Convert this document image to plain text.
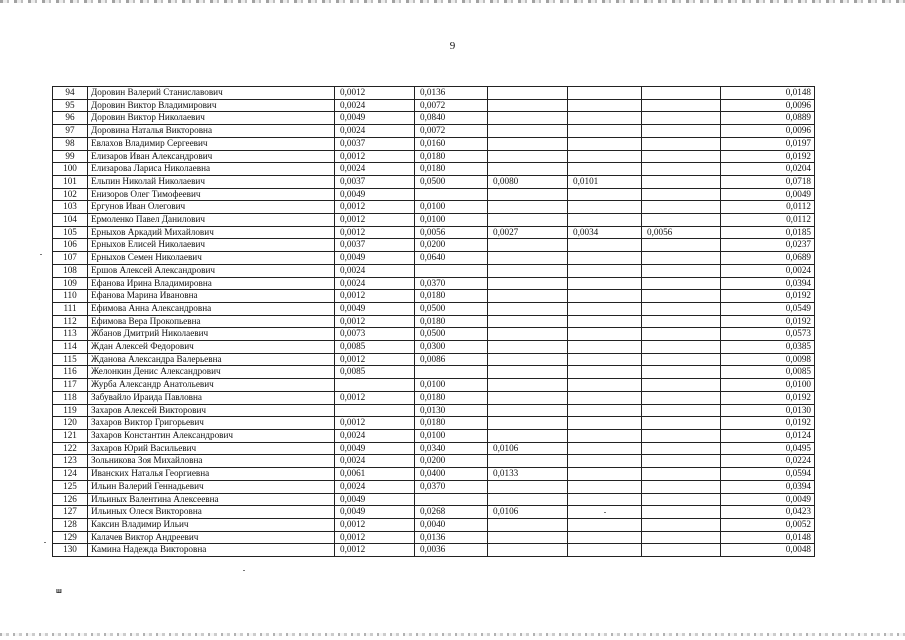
9
94	Доровин Валерий Станиславович	0,0012	0,0136				0,0148
95	Доровин Виктор Владимирович	0,0024	0,0072				0,0096
96	Доровин Виктор Николаевич	0,0049	0,0840				0,0889
97	Доровина Наталья Викторовна	0,0024	0,0072				0,0096
98	Евлахов Владимир Сергеевич	0,0037	0,0160				0,0197
99	Елизаров Иван Александрович	0,0012	0,0180				0,0192
100	Елизарова Лариса Николаевна	0,0024	0,0180				0,0204
101	Ельпин Николай Николаевич	0,0037	0,0500	0,0080	0,0101		0,0718
102	Енизоров Олег Тимофеевич	0,0049					0,0049
103	Ергунов Иван Олегович	0,0012	0,0100				0,0112
104	Ермоленко Павел Данилович	0,0012	0,0100				0,0112
105	Ерныхов Аркадий Михайлович	0,0012	0,0056	0,0027	0,0034	0,0056	0,0185
106	Ерныхов Елисей Николаевич	0,0037	0,0200				0,0237
107	Ерныхов Семен Николаевич	0,0049	0,0640				0,0689
108	Ершов Алексей Александрович	0,0024					0,0024
109	Ефанова Ирина Владимировна	0,0024	0,0370				0,0394
110	Ефанова Марина Ивановна	0,0012	0,0180				0,0192
111	Ефимова Анна Александровна	0,0049	0,0500				0,0549
112	Ефимова Вера Прокопьевна	0,0012	0,0180				0,0192
113	Жбанов Дмитрий Николаевич	0,0073	0,0500				0,0573
114	Ждан Алексей Федорович	0,0085	0,0300				0,0385
115	Жданова Александра Валерьевна	0,0012	0,0086				0,0098
116	Желонкин Денис Александрович	0,0085					0,0085
117	Журба Александр Анатольевич		0,0100				0,0100
118	Забувайло Ираида Павловна	0,0012	0,0180				0,0192
119	Захаров Алексей Викторович		0,0130				0,0130
120	Захаров Виктор Григорьевич	0,0012	0,0180				0,0192
121	Захаров Константин Александрович	0,0024	0,0100				0,0124
122	Захаров Юрий Васильевич	0,0049	0,0340	0,0106			0,0495
123	Зольникова Зоя Михайловна	0,0024	0,0200				0,0224
124	Иванских Наталья Георгиевна	0,0061	0,0400	0,0133			0,0594
125	Ильин Валерий Геннадьевич	0,0024	0,0370				0,0394
126	Ильиных Валентина Алексеевна	0,0049					0,0049
127	Ильиных Олеся Викторовна	0,0049	0,0268	0,0106			0,0423
128	Каксин Владимир Ильич	0,0012	0,0040				0,0052
129	Калачев Виктор Андреевич	0,0012	0,0136				0,0148
130	Камина Надежда Викторовна	0,0012	0,0036				0,0048
ш
